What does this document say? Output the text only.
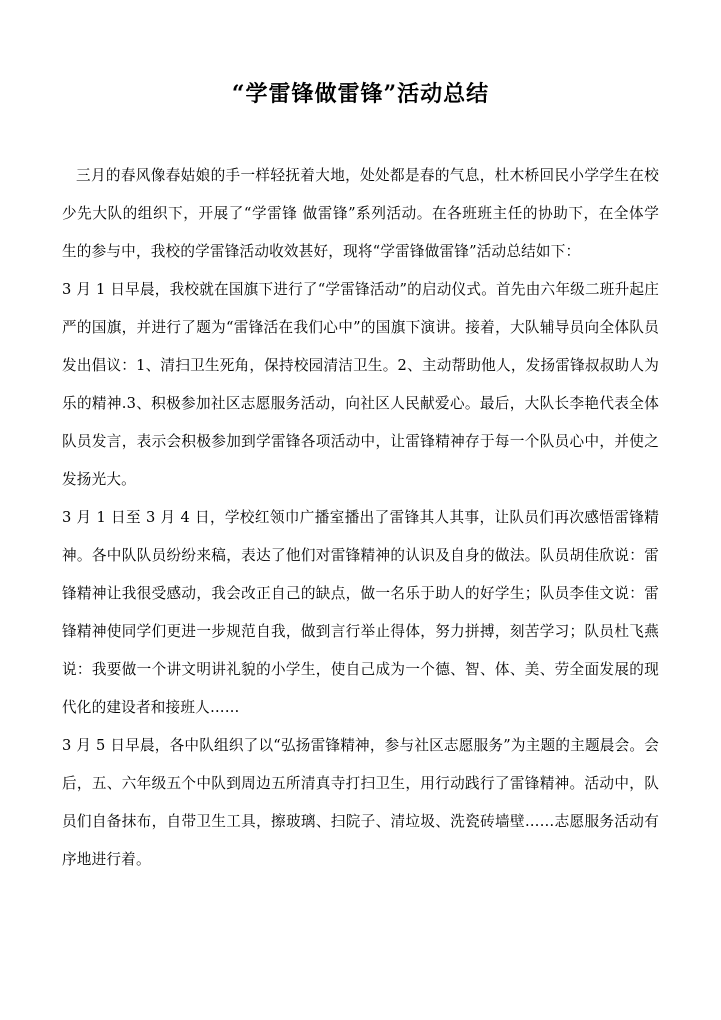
“学雷锋做雷锋”活动总结

三月的春风像春姑娘的手一样轻抚着大地，处处都是春的气息，杜木桥回民小学学生在校少先大队的组织下，开展了“学雷锋 做雷锋”系列活动。在各班班主任的协助下，在全体学生的参与中，我校的学雷锋活动收效甚好，现将“学雷锋做雷锋”活动总结如下：

3 月 1 日早晨，我校就在国旗下进行了“学雷锋活动”的启动仪式。首先由六年级二班升起庄严的国旗，并进行了题为“雷锋活在我们心中”的国旗下演讲。接着，大队辅导员向全体队员发出倡议：1、清扫卫生死角，保持校园清洁卫生。2、主动帮助他人，发扬雷锋叔叔助人为乐的精神.3、积极参加社区志愿服务活动，向社区人民献爱心。最后，大队长李艳代表全体队员发言，表示会积极参加到学雷锋各项活动中，让雷锋精神存于每一个队员心中，并使之发扬光大。

3 月 1 日至 3 月 4 日，学校红领巾广播室播出了雷锋其人其事，让队员们再次感悟雷锋精神。各中队队员纷纷来稿，表达了他们对雷锋精神的认识及自身的做法。队员胡佳欣说：雷锋精神让我很受感动，我会改正自己的缺点，做一名乐于助人的好学生；队员李佳文说：雷锋精神使同学们更进一步规范自我，做到言行举止得体，努力拼搏，刻苦学习；队员杜飞燕说：我要做一个讲文明讲礼貌的小学生，使自己成为一个德、智、体、美、劳全面发展的现代化的建设者和接班人……

3 月 5 日早晨，各中队组织了以“弘扬雷锋精神，参与社区志愿服务”为主题的主题晨会。会后，五、六年级五个中队到周边五所清真寺打扫卫生，用行动践行了雷锋精神。活动中，队员们自备抹布，自带卫生工具，擦玻璃、扫院子、清垃圾、洗瓷砖墙壁……志愿服务活动有序地进行着。
